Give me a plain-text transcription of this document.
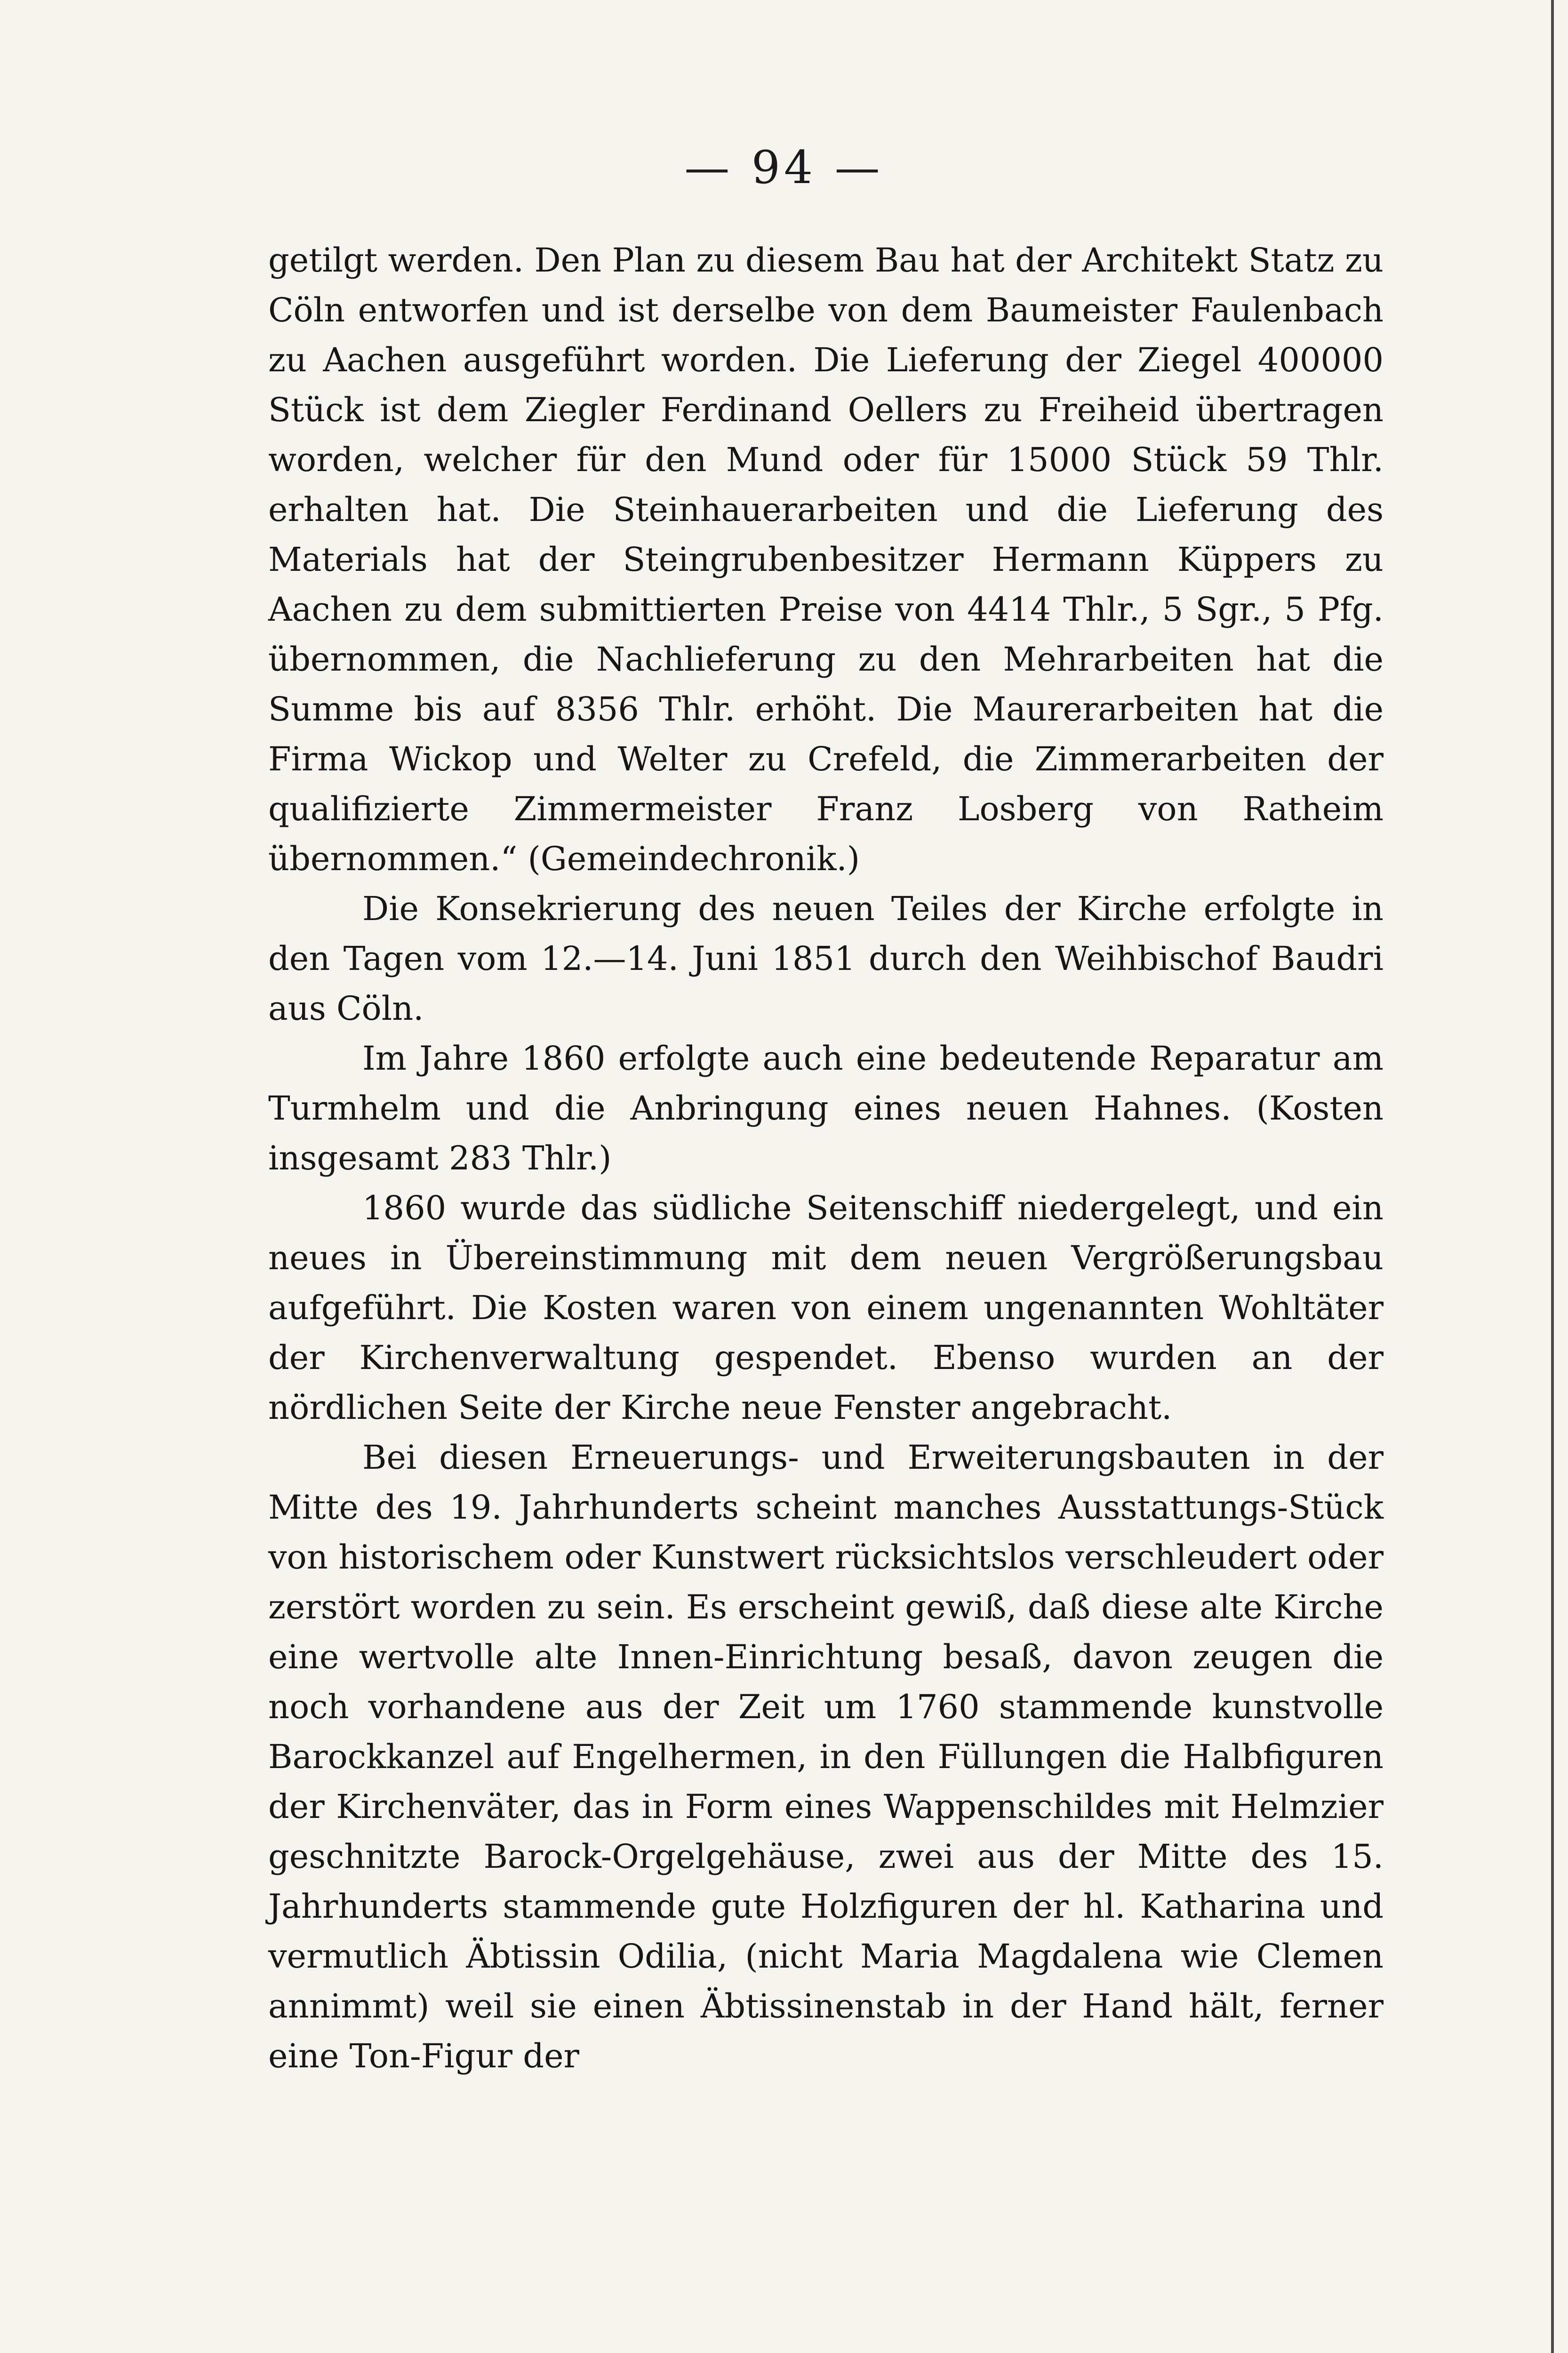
— 94 —

getilgt werden. Den Plan zu diesem Bau hat der Architekt Statz zu Cöln entworfen und ist derselbe von dem Baumeister Faulenbach zu Aachen ausgeführt worden. Die Lieferung der Ziegel 400000 Stück ist dem Ziegler Ferdinand Oellers zu Freiheid übertragen worden, welcher für den Mund oder für 15000 Stück 59 Thlr. erhalten hat. Die Steinhauerarbeiten und die Lieferung des Materials hat der Steingrubenbesitzer Hermann Küppers zu Aachen zu dem submittierten Preise von 4414 Thlr., 5 Sgr., 5 Pfg. übernommen, die Nachlieferung zu den Mehrarbeiten hat die Summe bis auf 8356 Thlr. erhöht. Die Maurerarbeiten hat die Firma Wickop und Welter zu Crefeld, die Zimmerarbeiten der qualifizierte Zimmermeister Franz Losberg von Ratheim übernommen.“ (Gemeindechronik.)

Die Konsekrierung des neuen Teiles der Kirche erfolgte in den Tagen vom 12.—14. Juni 1851 durch den Weihbischof Baudri aus Cöln.

Im Jahre 1860 erfolgte auch eine bedeutende Reparatur am Turmhelm und die Anbringung eines neuen Hahnes. (Kosten insgesamt 283 Thlr.)

1860 wurde das südliche Seitenschiff niedergelegt, und ein neues in Übereinstimmung mit dem neuen Vergrößerungsbau aufgeführt. Die Kosten waren von einem ungenannten Wohltäter der Kirchenverwaltung gespendet. Ebenso wurden an der nördlichen Seite der Kirche neue Fenster angebracht.

Bei diesen Erneuerungs- und Erweiterungsbauten in der Mitte des 19. Jahrhunderts scheint manches Ausstattungs-Stück von historischem oder Kunstwert rücksichtslos verschleudert oder zerstört worden zu sein. Es erscheint gewiß, daß diese alte Kirche eine wertvolle alte Innen-Einrichtung besaß, davon zeugen die noch vorhandene aus der Zeit um 1760 stammende kunstvolle Barockkanzel auf Engelhermen, in den Füllungen die Halbfiguren der Kirchenväter, das in Form eines Wappenschildes mit Helmzier geschnitzte Barock-Orgelgehäuse, zwei aus der Mitte des 15. Jahrhunderts stammende gute Holzfiguren der hl. Katharina und vermutlich Äbtissin Odilia, (nicht Maria Magdalena wie Clemen annimmt) weil sie einen Äbtissinenstab in der Hand hält, ferner eine Ton-Figur der
